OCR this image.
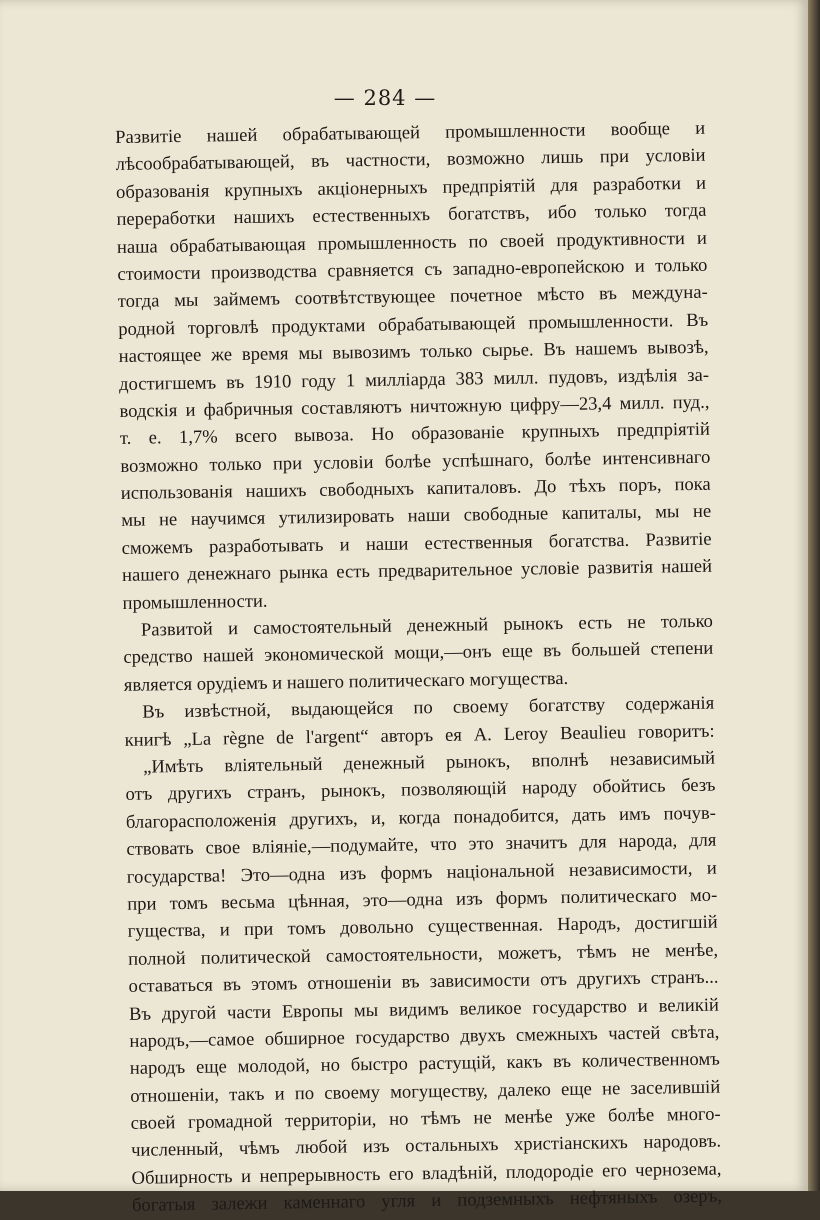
— 284 —
Развитіе нашей обрабатывающей промышленности вообще и
лѣсообрабатывающей, въ частности, возможно лишь при условіи
образованія крупныхъ акціонерныхъ предпріятій для разработки и
переработки нашихъ естественныхъ богатствъ, ибо только тогда
наша обрабатывающая промышленность по своей продуктивности и
стоимости производства сравняется съ западно-европейскою и только
тогда мы займемъ соотвѣтствующее почетное мѣсто въ междуна-
родной торговлѣ продуктами обрабатывающей промышленности. Въ
настоящее же время мы вывозимъ только сырье. Въ нашемъ вывозѣ,
достигшемъ въ 1910 году 1 милліарда 383 милл. пудовъ, издѣлія за-
водскія и фабричныя составляютъ ничтожную цифру—23,4 милл. пуд.,
т. е. 1,7% всего вывоза. Но образованіе крупныхъ предпріятій
возможно только при условіи болѣе успѣшнаго, болѣе интенсивнаго
использованія нашихъ свободныхъ капиталовъ. До тѣхъ поръ, пока
мы не научимся утилизировать наши свободные капиталы, мы не
сможемъ разработывать и наши естественныя богатства. Развитіе
нашего денежнаго рынка есть предварительное условіе развитія нашей
промышленности.
Развитой и самостоятельный денежный рынокъ есть не только
средство нашей экономической мощи,—онъ еще въ большей степени
является орудіемъ и нашего политическаго могущества.
Въ извѣстной, выдающейся по своему богатству содержанія
книгѣ „La règne de l'argent“ авторъ ея A. Leroy Beaulieu говоритъ:
„Имѣть вліятельный денежный рынокъ, вполнѣ независимый
отъ другихъ странъ, рынокъ, позволяющій народу обойтись безъ
благорасположенія другихъ, и, когда понадобится, дать имъ почув-
ствовать свое вліяніе,—подумайте, что это значитъ для народа, для
государства! Это—одна изъ формъ національной независимости, и
при томъ весьма цѣнная, это—одна изъ формъ политическаго мо-
гущества, и при томъ довольно существенная. Народъ, достигшій
полной политической самостоятельности, можетъ, тѣмъ не менѣе,
оставаться въ этомъ отношеніи въ зависимости отъ другихъ странъ...
Въ другой части Европы мы видимъ великое государство и великій
народъ,—самое обширное государство двухъ смежныхъ частей свѣта,
народъ еще молодой, но быстро растущій, какъ въ количественномъ
отношеніи, такъ и по своему могуществу, далеко еще не заселившій
своей громадной территоріи, но тѣмъ не менѣе уже болѣе много-
численный, чѣмъ любой изъ остальныхъ христіанскихъ народовъ.
Обширность и непрерывность его владѣній, плодородіе его чернозема,
богатыя залежи каменнаго угля и подземныхъ нефтяныхъ озеръ,
